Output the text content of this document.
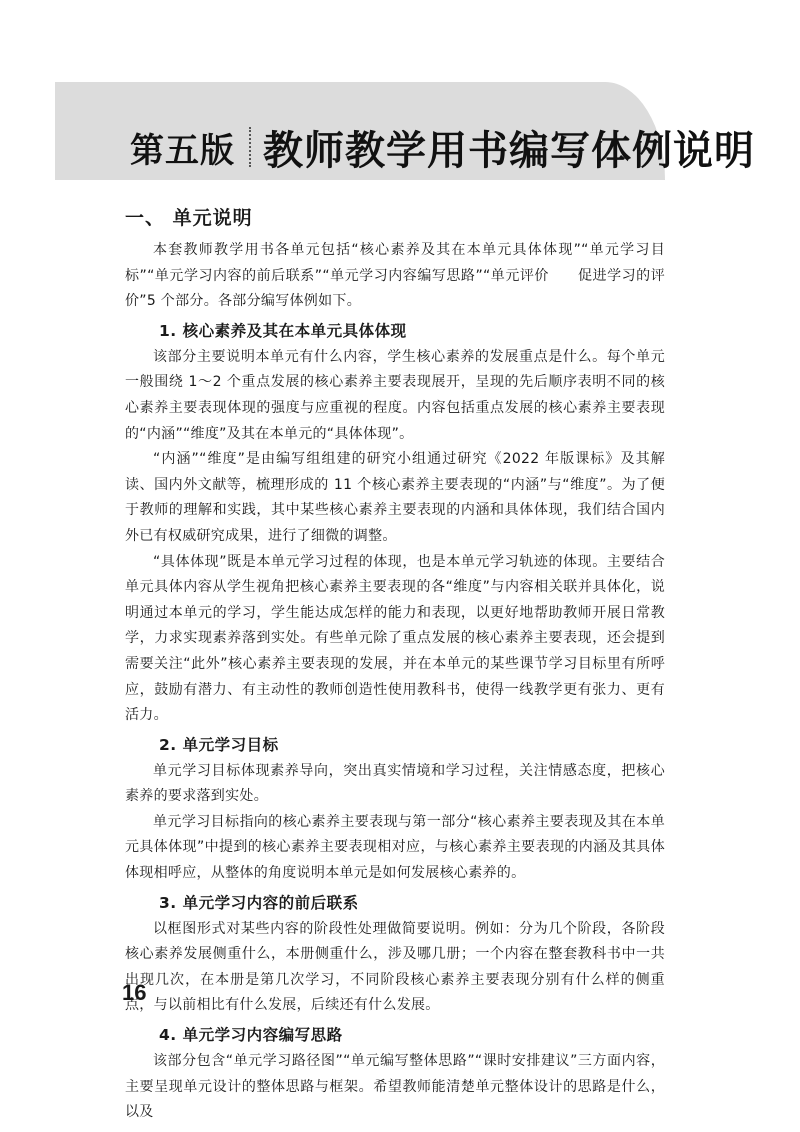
第五版 教师教学用书编写体例说明
一、 单元说明

本套教师教学用书各单元包括“核心素养及其在本单元具体体现”“单元学习目标”“单元学习内容的前后联系”“单元学习内容编写思路”“单元评价　　促进学习的评价”5 个部分。各部分编写体例如下。

1. 核心素养及其在本单元具体体现

该部分主要说明本单元有什么内容，学生核心素养的发展重点是什么。每个单元一般围绕 1～2 个重点发展的核心素养主要表现展开，呈现的先后顺序表明不同的核心素养主要表现体现的强度与应重视的程度。内容包括重点发展的核心素养主要表现的“内涵”“维度”及其在本单元的“具体体现”。

“内涵”“维度”是由编写组组建的研究小组通过研究《2022 年版课标》及其解读、国内外文献等，梳理形成的 11 个核心素养主要表现的“内涵”与“维度”。为了便于教师的理解和实践，其中某些核心素养主要表现的内涵和具体体现，我们结合国内外已有权威研究成果，进行了细微的调整。

“具体体现”既是本单元学习过程的体现，也是本单元学习轨迹的体现。主要结合单元具体内容从学生视角把核心素养主要表现的各“维度”与内容相关联并具体化，说明通过本单元的学习，学生能达成怎样的能力和表现，以更好地帮助教师开展日常教学，力求实现素养落到实处。有些单元除了重点发展的核心素养主要表现，还会提到需要关注“此外”核心素养主要表现的发展，并在本单元的某些课节学习目标里有所呼应，鼓励有潜力、有主动性的教师创造性使用教科书，使得一线教学更有张力、更有活力。

2. 单元学习目标

单元学习目标体现素养导向，突出真实情境和学习过程，关注情感态度，把核心素养的要求落到实处。

单元学习目标指向的核心素养主要表现与第一部分“核心素养主要表现及其在本单元具体体现”中提到的核心素养主要表现相对应，与核心素养主要表现的内涵及其具体体现相呼应，从整体的角度说明本单元是如何发展核心素养的。

3. 单元学习内容的前后联系

以框图形式对某些内容的阶段性处理做简要说明。例如：分为几个阶段，各阶段核心素养发展侧重什么，本册侧重什么，涉及哪几册；一个内容在整套教科书中一共出现几次，在本册是第几次学习，不同阶段核心素养主要表现分别有什么样的侧重点，与以前相比有什么发展，后续还有什么发展。

4. 单元学习内容编写思路

该部分包含“单元学习路径图”“单元编写整体思路”“课时安排建议”三方面内容，主要呈现单元设计的整体思路与框架。希望教师能清楚单元整体设计的思路是什么，以及

16
